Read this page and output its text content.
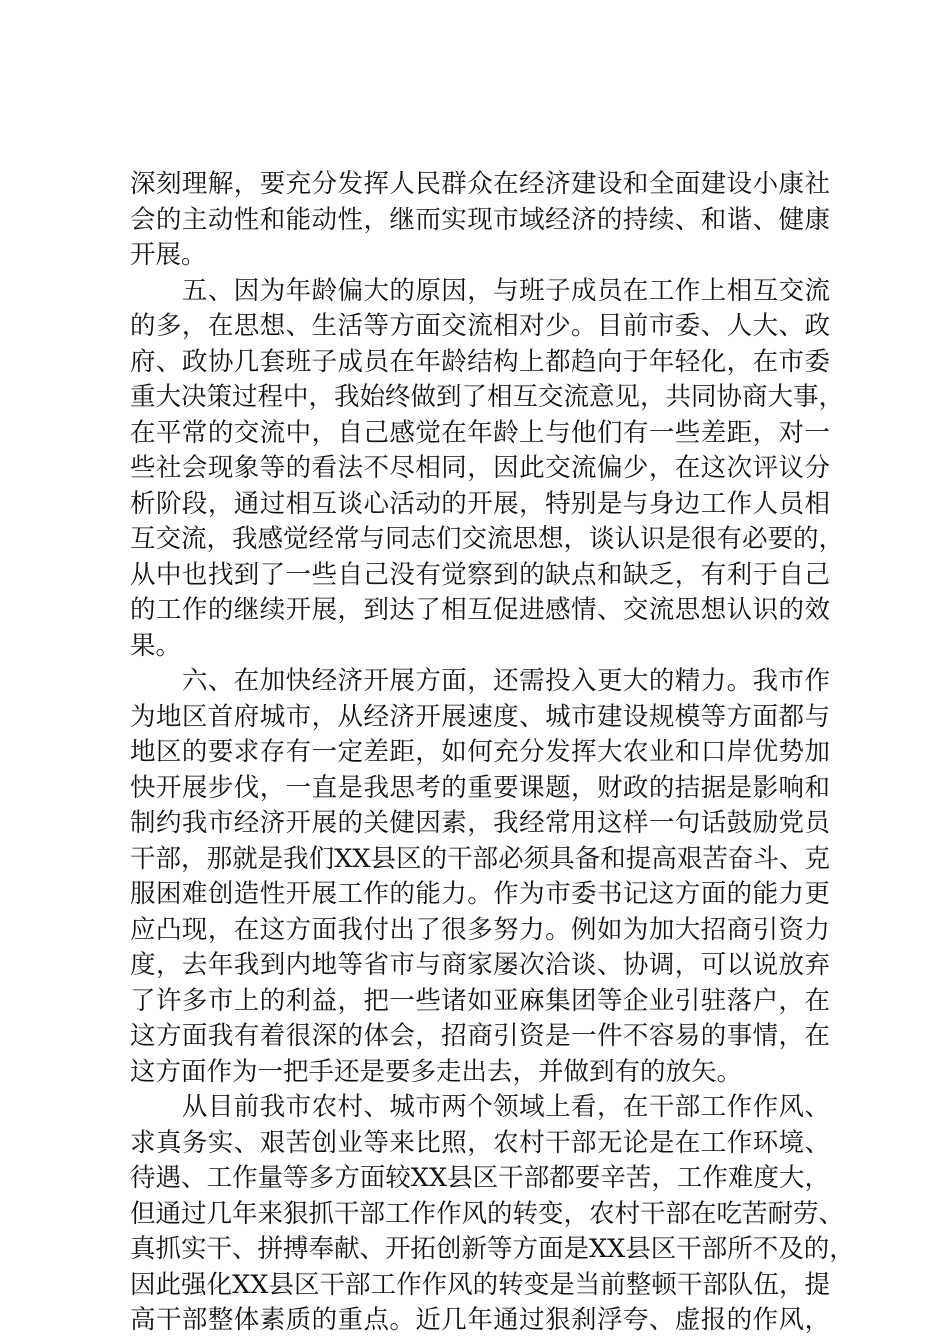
深刻理解，要充分发挥人民群众在经济建设和全面建设小康社
会的主动性和能动性，继而实现市域经济的持续、和谐、健康
开展。
　　五、因为年龄偏大的原因，与班子成员在工作上相互交流
的多，在思想、生活等方面交流相对少。目前市委、人大、政
府、政协几套班子成员在年龄结构上都趋向于年轻化，在市委
重大决策过程中，我始终做到了相互交流意见，共同协商大事，
在平常的交流中，自己感觉在年龄上与他们有一些差距，对一
些社会现象等的看法不尽相同，因此交流偏少，在这次评议分
析阶段，通过相互谈心活动的开展，特别是与身边工作人员相
互交流，我感觉经常与同志们交流思想，谈认识是很有必要的，
从中也找到了一些自己没有觉察到的缺点和缺乏，有利于自己
的工作的继续开展，到达了相互促进感情、交流思想认识的效
果。
　　六、在加快经济开展方面，还需投入更大的精力。我市作
为地区首府城市，从经济开展速度、城市建设规模等方面都与
地区的要求存有一定差距，如何充分发挥大农业和口岸优势加
快开展步伐，一直是我思考的重要课题，财政的拮据是影响和
制约我市经济开展的关健因素，我经常用这样一句话鼓励党员
干部，那就是我们XX县区的干部必须具备和提高艰苦奋斗、克
服困难创造性开展工作的能力。作为市委书记这方面的能力更
应凸现，在这方面我付出了很多努力。例如为加大招商引资力
度，去年我到内地等省市与商家屡次洽谈、协调，可以说放弃
了许多市上的利益，把一些诸如亚麻集团等企业引驻落户，在
这方面我有着很深的体会，招商引资是一件不容易的事情，在
这方面作为一把手还是要多走出去，并做到有的放矢。
　　从目前我市农村、城市两个领域上看，在干部工作作风、
求真务实、艰苦创业等来比照，农村干部无论是在工作环境、
待遇、工作量等多方面较XX县区干部都要辛苦，工作难度大，
但通过几年来狠抓干部工作作风的转变，农村干部在吃苦耐劳、
真抓实干、拼搏奉献、开拓创新等方面是XX县区干部所不及的，
因此强化XX县区干部工作作风的转变是当前整顿干部队伍，提
高干部整体素质的重点。近几年通过狠刹浮夸、虚报的作风，
